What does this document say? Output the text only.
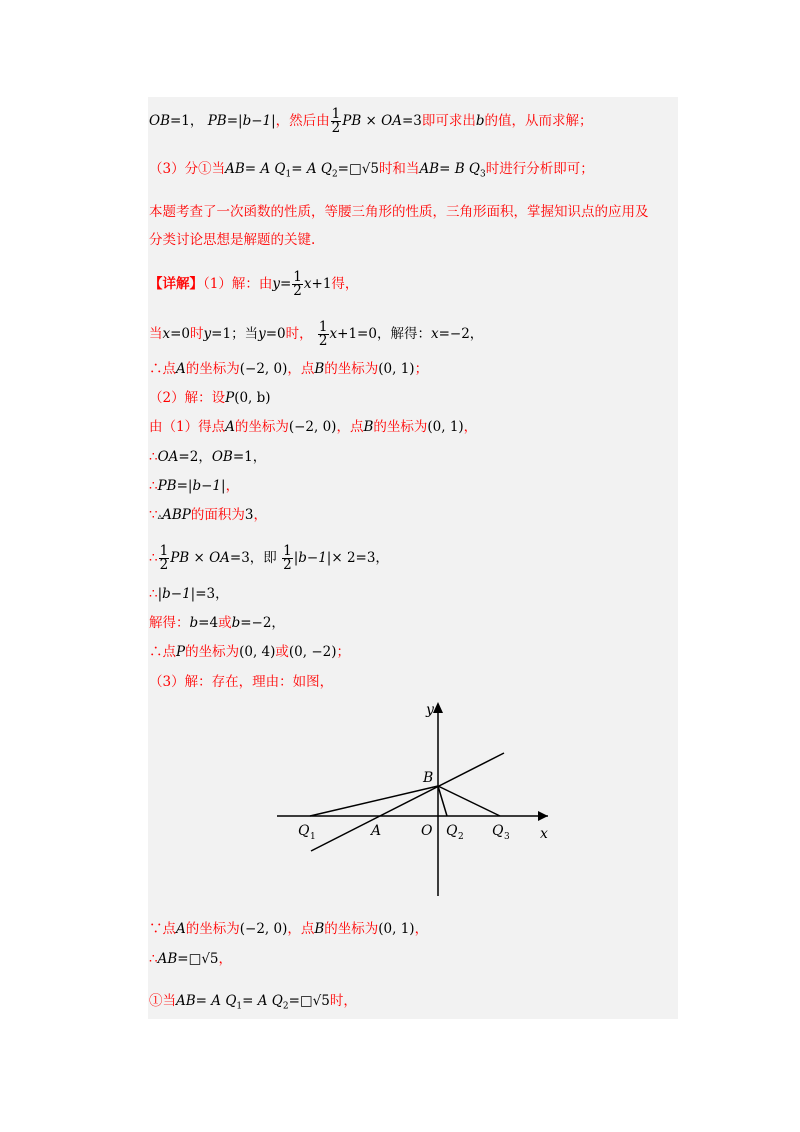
OB=1， PB=|b−1|，然后由 $\frac{1}{2}$ PB × OA=3即可求出b的值，从而求解；
（3）分①当AB= A $Q_1= A$ $Q_2=□√5$时和当AB= B $Q_3$时进行分析即可；
本题考查了一次函数的性质，等腰三角形的性质，三角形面积，掌握知识点的应用及
分类讨论思想是解题的关键.
【详解】（1）解：由$y= \frac{1}{2} x+1$得，
当x=0时y=1；当y=0时， $\frac{1}{2} x+1=0$，解得：x=−2，
∴点A的坐标为(−2, 0)，点B的坐标为(0, 1)；
（2）解：设P(0, b)
由（1）得点A的坐标为(−2, 0)，点B的坐标为(0, 1)，
∴OA=2，OB=1，
∴PB=|b−1|，
∵▵ABP的面积为3，
∴ $\frac{1}{2}$ PB × OA=3，即 $\frac{1}{2} |b-1|\times 2=3$，
∴|b−1|=3，
解得：b=4或b=−2，
∴点P的坐标为(0, 4)或(0, −2)；
（3）解：存在，理由：如图，
y
x
O
A
B
Q 1	Q 2 Q 3
∵点A的坐标为(−2, 0)，点B的坐标为(0, 1)，
∴AB=□√5，
①当AB= A $Q_1= A$ $Q_2=□√5$时，
